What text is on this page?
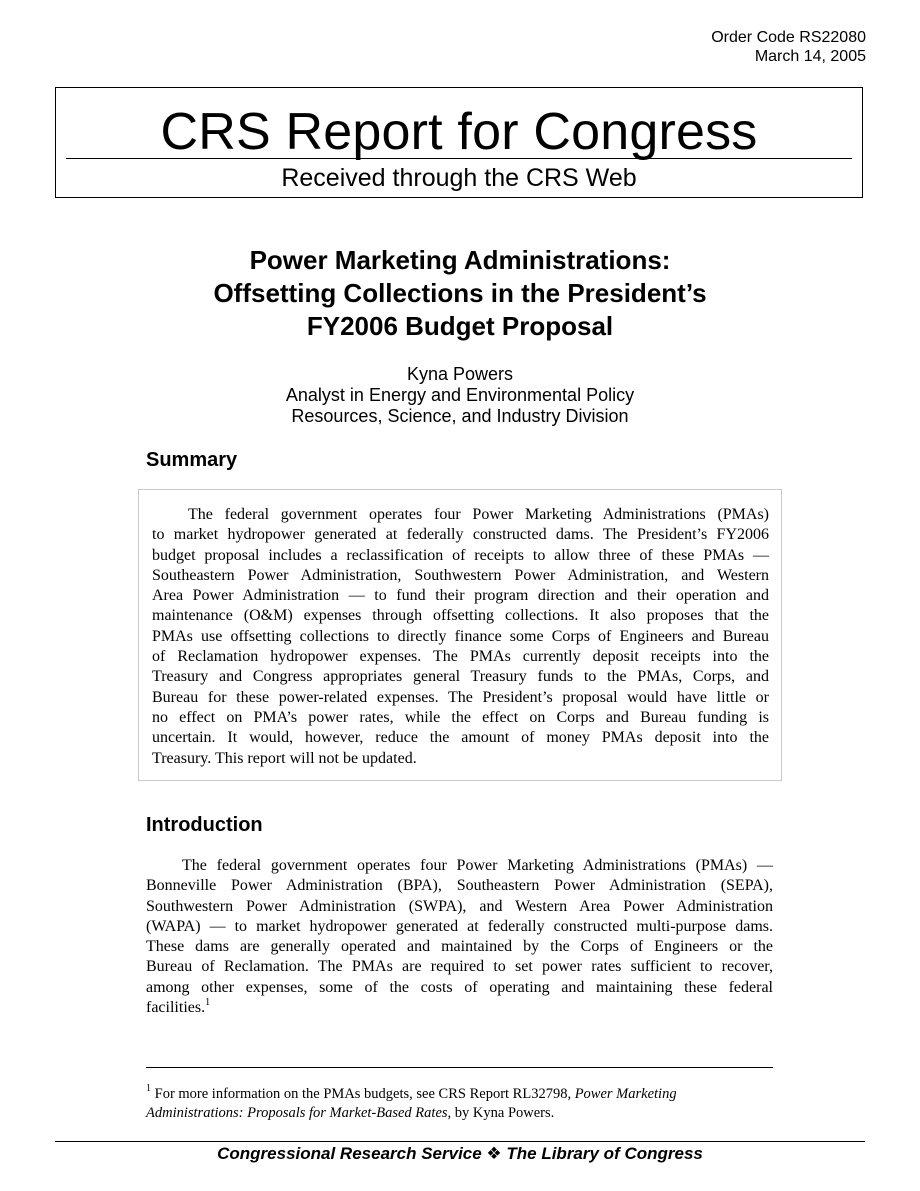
Order Code RS22080
March 14, 2005
CRS Report for Congress
Received through the CRS Web
Power Marketing Administrations:
Offsetting Collections in the President’s
FY2006 Budget Proposal
Kyna Powers
Analyst in Energy and Environmental Policy
Resources, Science, and Industry Division
Summary
The federal government operates four Power Marketing Administrations (PMAs)
to market hydropower generated at federally constructed dams. The President’s FY2006
budget proposal includes a reclassification of receipts to allow three of these PMAs —
Southeastern Power Administration, Southwestern Power Administration, and Western
Area Power Administration — to fund their program direction and their operation and
maintenance (O&M) expenses through offsetting collections. It also proposes that the
PMAs use offsetting collections to directly finance some Corps of Engineers and Bureau
of Reclamation hydropower expenses. The PMAs currently deposit receipts into the
Treasury and Congress appropriates general Treasury funds to the PMAs, Corps, and
Bureau for these power-related expenses. The President’s proposal would have little or
no effect on PMA’s power rates, while the effect on Corps and Bureau funding is
uncertain. It would, however, reduce the amount of money PMAs deposit into the
Treasury. This report will not be updated.
Introduction
The federal government operates four Power Marketing Administrations (PMAs) —
Bonneville Power Administration (BPA), Southeastern Power Administration (SEPA),
Southwestern Power Administration (SWPA), and Western Area Power Administration
(WAPA) — to market hydropower generated at federally constructed multi-purpose dams.
These dams are generally operated and maintained by the Corps of Engineers or the
Bureau of Reclamation. The PMAs are required to set power rates sufficient to recover,
among other expenses, some of the costs of operating and maintaining these federal
facilities.$^1$
$^1$ For more information on the PMAs budgets, see CRS Report RL32798, Power Marketing
Administrations: Proposals for Market-Based Rates, by Kyna Powers.
Congressional Research Service ❖ The Library of Congress
